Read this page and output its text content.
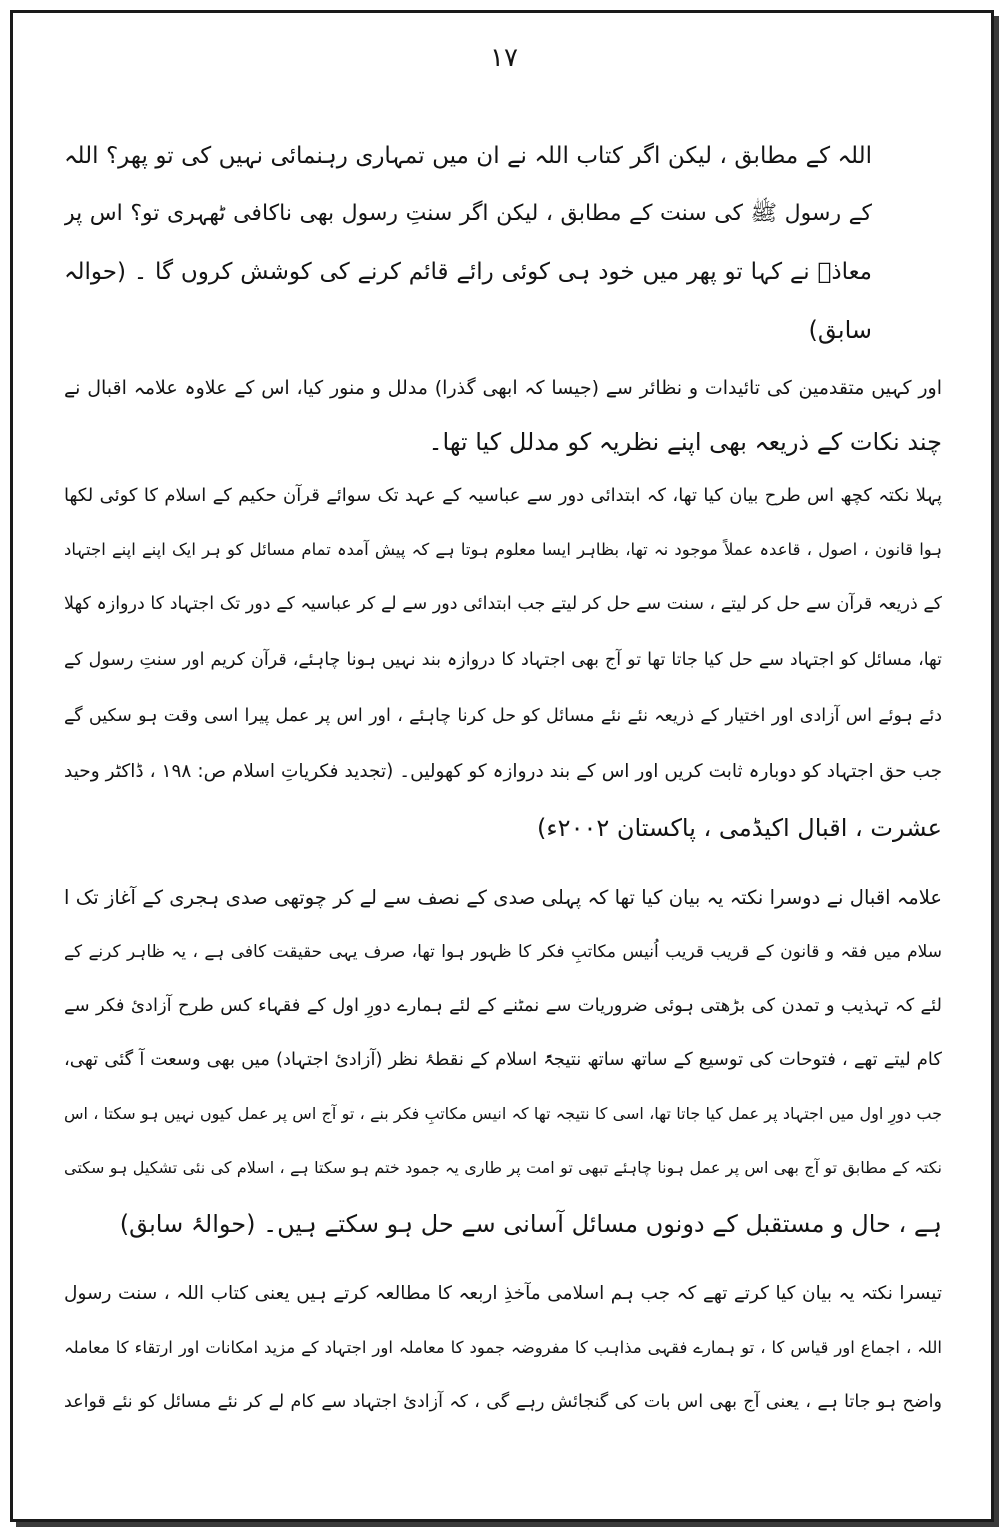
۱۷
اللہ کے مطابق ، لیکن اگر کتاب اللہ نے ان میں تمہاری رہنمائی نہیں کی تو پھر؟ اللہ
کے رسول ﷺ کی سنت کے مطابق ، لیکن اگر سنتِ رسول بھی ناکافی ٹھہری تو؟ اس پر
معاذؓ نے کہا تو پھر میں خود ہی کوئی رائے قائم کرنے کی کوشش کروں گا ۔ (حوالہ
سابق)
اور کہیں متقدمین کی تائیدات و نظائر سے (جیسا کہ ابھی گذرا) مدلل و منور کیا، اس کے علاوہ علامہ اقبال نے
چند نکات کے ذریعہ بھی اپنے نظریہ کو مدلل کیا تھا۔
پہلا نکتہ کچھ اس طرح بیان کیا تھا، کہ ابتدائی دور سے عباسیہ کے عہد تک سوائے قرآن حکیم کے اسلام کا کوئی لکھا
ہوا قانون ، اصول ، قاعدہ عملاً موجود نہ تھا، بظاہر ایسا معلوم ہوتا ہے کہ پیش آمدہ تمام مسائل کو ہر ایک اپنے اپنے اجتہاد
کے ذریعہ قرآن سے حل کر لیتے ، سنت سے حل کر لیتے جب ابتدائی دور سے لے کر عباسیہ کے دور تک اجتہاد کا دروازہ کھلا
تھا، مسائل کو اجتہاد سے حل کیا جاتا تھا تو آج بھی اجتہاد کا دروازہ بند نہیں ہونا چاہئے، قرآن کریم اور سنتِ رسول کے
دئے ہوئے اس آزادی اور اختیار کے ذریعہ نئے نئے مسائل کو حل کرنا چاہئے ، اور اس پر عمل پیرا اسی وقت ہو سکیں گے
جب حق اجتہاد کو دوبارہ ثابت کریں اور اس کے بند دروازہ کو کھولیں۔ (تجدید فکریاتِ اسلام ص: ۱۹۸ ، ڈاکٹر وحید
عشرت ، اقبال اکیڈمی ، پاکستان ۲۰۰۲ء)
علامہ اقبال نے دوسرا نکتہ یہ بیان کیا تھا کہ پہلی صدی کے نصف سے لے کر چوتھی صدی ہجری کے آغاز تک ا
سلام میں فقہ و قانون کے قریب قریب اُنیس مکاتبِ فکر کا ظہور ہوا تھا، صرف یہی حقیقت کافی ہے ، یہ ظاہر کرنے کے
لئے کہ تہذیب و تمدن کی بڑھتی ہوئی ضروریات سے نمٹنے کے لئے ہمارے دورِ اول کے فقہاء کس طرح آزادیٔ فکر سے
کام لیتے تھے ، فتوحات کی توسیع کے ساتھ ساتھ نتیجۃً اسلام کے نقطۂ نظر (آزادیٔ اجتہاد) میں بھی وسعت آ گئی تھی،
جب دورِ اول میں اجتہاد پر عمل کیا جاتا تھا، اسی کا نتیجہ تھا کہ انیس مکاتبِ فکر بنے ، تو آج اس پر عمل کیوں نہیں ہو سکتا ، اس
نکتہ کے مطابق تو آج بھی اس پر عمل ہونا چاہئے تبھی تو امت پر طاری یہ جمود ختم ہو سکتا ہے ، اسلام کی نئی تشکیل ہو سکتی
ہے ، حال و مستقبل کے دونوں مسائل آسانی سے حل ہو سکتے ہیں۔ (حوالۂ سابق)
تیسرا نکتہ یہ بیان کیا کرتے تھے کہ جب ہم اسلامی مآخذِ اربعہ کا مطالعہ کرتے ہیں یعنی کتاب اللہ ، سنت رسول
اللہ ، اجماع اور قیاس کا ، تو ہمارے فقہی مذاہب کا مفروضہ جمود کا معاملہ اور اجتہاد کے مزید امکانات اور ارتقاء کا معاملہ
واضح ہو جاتا ہے ، یعنی آج بھی اس بات کی گنجائش رہے گی ، کہ آزادیٔ اجتہاد سے کام لے کر نئے مسائل کو نئے قواعد
